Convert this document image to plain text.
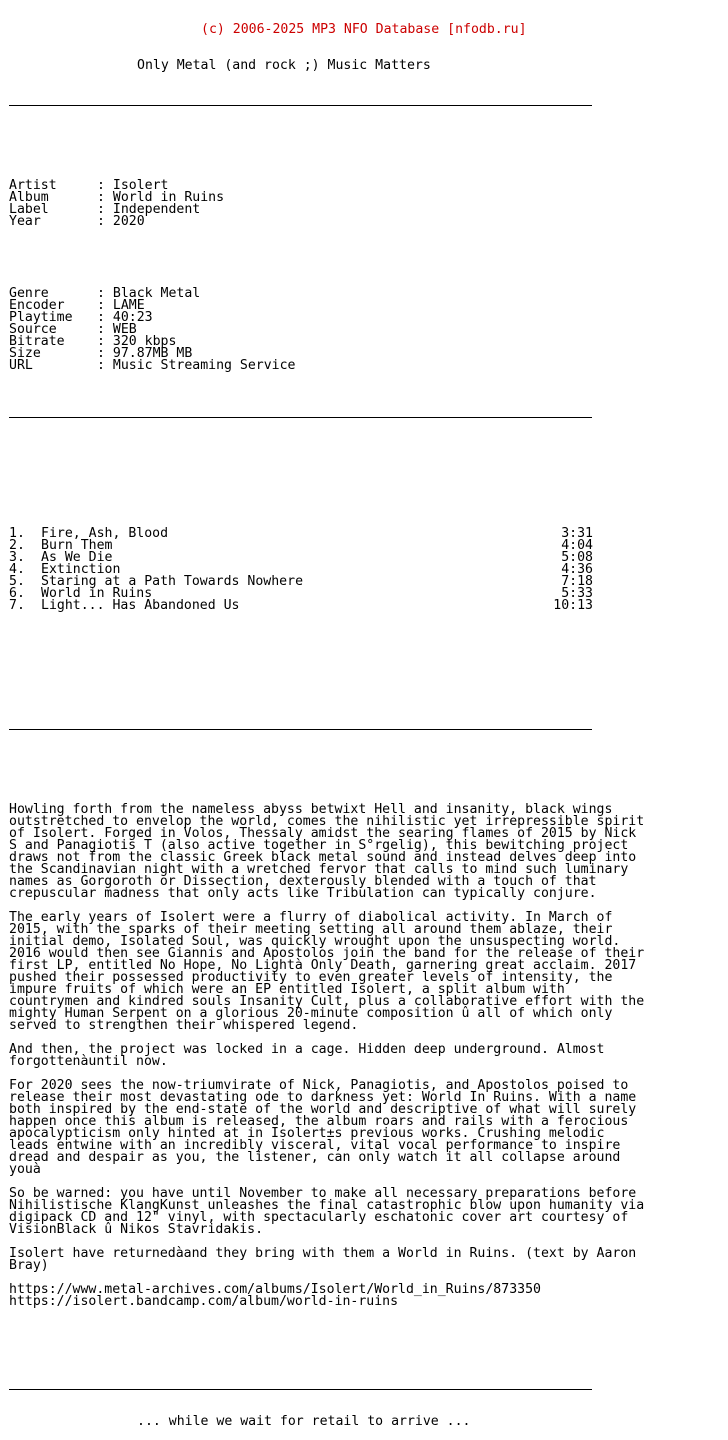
(c) 2006-2025 MP3 NFO Database [nfodb.ru]

Only Metal (and rock ;) Music Matters

Artist	: Isolert
Album	: World in Ruins
Label	: Independent
Year	: 2020

Genre	: Black Metal
Encoder : LAME
Playtime : 40:23
Source	: WEB
Bitrate : 320 kbps
Size	: 97.87MB MB
URL	: Music Streaming Service

1. Fire, Ash, Blood	3:31
2. Burn Them	4:04
3. As We Die	5:08
4. Extinction	4:36
5. Staring at a Path Towards Nowhere	7:18
6. World in Ruins	5:33
7. Light... Has Abandoned Us	10:13

Howling forth from the nameless abyss betwixt Hell and insanity, black wings
outstretched to envelop the world, comes the nihilistic yet irrepressible spirit
of Isolert. Forged in Volos, Thessaly amidst the searing flames of 2015 by Nick
S and Panagiotis T (also active together in S°rgelig), this bewitching project
draws not from the classic Greek black metal sound and instead delves deep into
the Scandinavian night with a wretched fervor that calls to mind such luminary
names as Gorgoroth or Dissection, dexterously blended with a touch of that
crepuscular madness that only acts like Tribulation can typically conjure.
The early years of Isolert were a flurry of diabolical activity. In March of
2015, with the sparks of their meeting setting all around them ablaze, their
initial demo, Isolated Soul, was quickly wrought upon the unsuspecting world.
2016 would then see Giannis and Apostolos join the band for the release of their
first LP, entitled No Hope, No Lightà Only Death, garnering great acclaim. 2017
pushed their possessed productivity to even greater levels of intensity, the
impure fruits of which were an EP entitled Isolert, a split album with
countrymen and kindred souls Insanity Cult, plus a collaborative effort with the
mighty Human Serpent on a glorious 20-minute composition û all of which only
served to strengthen their whispered legend.
And then, the project was locked in a cage. Hidden deep underground. Almost
forgottenàuntil now.
For 2020 sees the now-triumvirate of Nick, Panagiotis, and Apostolos poised to
release their most devastating ode to darkness yet: World In Ruins. With a name
both inspired by the end-state of the world and descriptive of what will surely
happen once this album is released, the album roars and rails with a ferocious
apocalypticism only hinted at in Isolert±s previous works. Crushing melodic
leads entwine with an incredibly visceral, vital vocal performance to inspire
dread and despair as you, the listener, can only watch it all collapse around
youà
So be warned: you have until November to make all necessary preparations before
Nihilistische KlangKunst unleashes the final catastrophic blow upon humanity via
digipack CD and 12" vinyl, with spectacularly eschatonic cover art courtesy of
VisionBlack û Nikos Stavridakis.
Isolert have returnedàand they bring with them a World in Ruins. (text by Aaron
Bray)
https://www.metal-archives.com/albums/Isolert/World_in_Ruins/873350
https://isolert.bandcamp.com/album/world-in-ruins

... while we wait for retail to arrive ...
